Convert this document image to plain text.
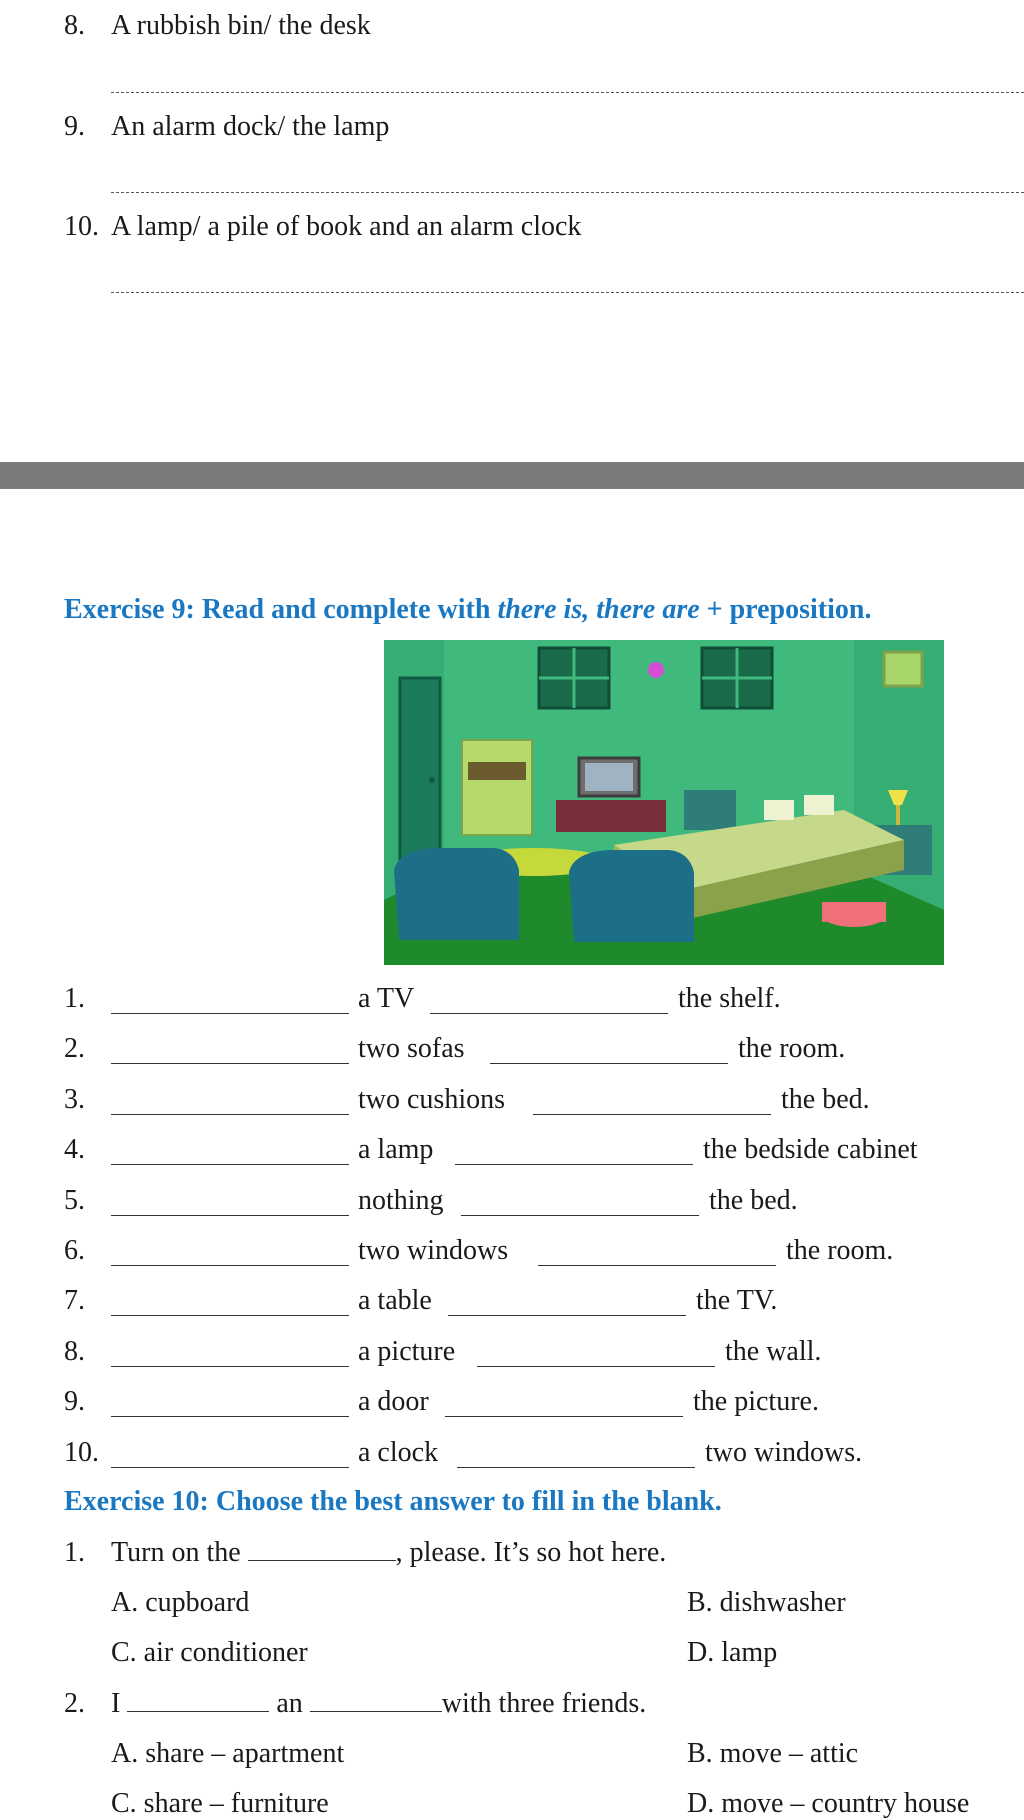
8. A rubbish bin/ the desk
9. An alarm dock/ the lamp
10. A lamp/ a pile of book and an alarm clock
Exercise 9: Read and complete with there is, there are + preposition.
1.	a TV	the shelf.
2.	two sofas	the room.
3.	two cushions	the bed.
4.	a lamp	the bedside cabinet
5.	nothing	the bed.
6.	two windows	the room.
7.	a table	the TV.
8.	a picture	the wall.
9.	a door	the picture.
10.	a clock	two windows.
Exercise 10: Choose the best answer to fill in the blank.
1. Turn on the	, please. It’s so hot here.
A. cupboard	B. dishwasher
C. air conditioner	D. lamp
2. I	an	with three friends.
A. share – apartment	B. move – attic
C. share – furniture	D. move – country house
